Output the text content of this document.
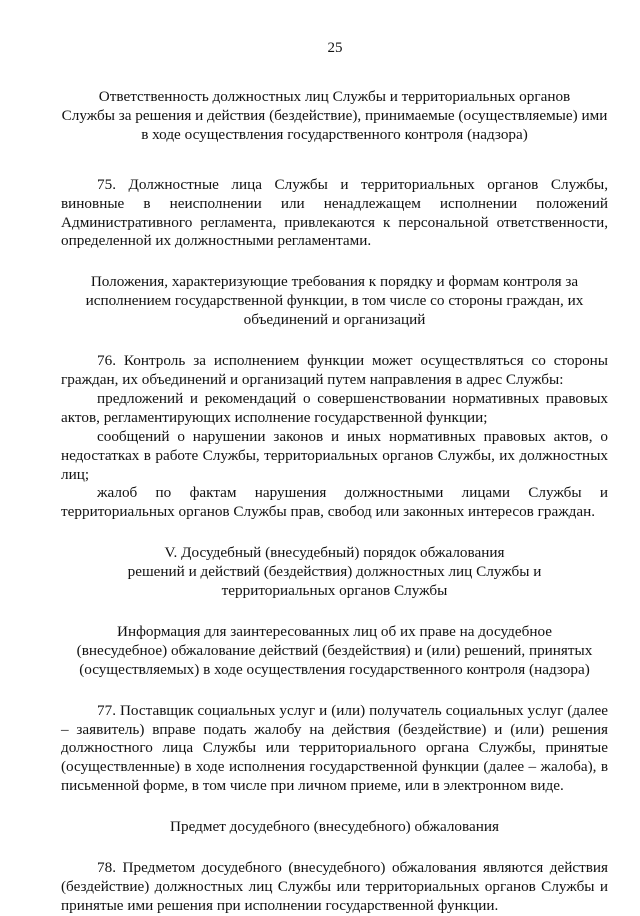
25
Ответственность должностных лиц Службы и территориальных органов
Службы за решения и действия (бездействие), принимаемые (осуществляемые) ими
в ходе осуществления государственного контроля (надзора)

75. Должностные лица Службы и территориальных органов Службы, виновные в неисполнении или ненадлежащем исполнении положений Административного регламента, привлекаются к персональной ответственности, определенной их должностными регламентами.

Положения, характеризующие требования к порядку и формам контроля за
исполнением государственной функции, в том числе со стороны граждан, их
объединений и организаций

76. Контроль за исполнением функции может осуществляться со стороны граждан, их объединений и организаций путем направления в адрес Службы:

предложений и рекомендаций о совершенствовании нормативных правовых актов, регламентирующих исполнение государственной функции;

сообщений о нарушении законов и иных нормативных правовых актов, о недостатках в работе Службы, территориальных органов Службы, их должностных лиц;

жалоб по фактам нарушения должностными лицами Службы и территориальных органов Службы прав, свобод или законных интересов граждан.

V. Досудебный (внесудебный) порядок обжалования
решений и действий (бездействия) должностных лиц Службы и
территориальных органов Службы
Информация для заинтересованных лиц об их праве на досудебное
(внесудебное) обжалование действий (бездействия) и (или) решений, принятых
(осуществляемых) в ходе осуществления государственного контроля (надзора)

77. Поставщик социальных услуг и (или) получатель социальных услуг (далее – заявитель) вправе подать жалобу на действия (бездействие) и (или) решения должностного лица Службы или территориального органа Службы, принятые (осуществленные) в ходе исполнения государственной функции (далее – жалоба), в письменной форме, в том числе при личном приеме, или в электронном виде.

Предмет досудебного (внесудебного) обжалования

78. Предметом досудебного (внесудебного) обжалования являются действия (бездействие) должностных лиц Службы или территориальных органов Службы и принятые ими решения при исполнении государственной функции.
